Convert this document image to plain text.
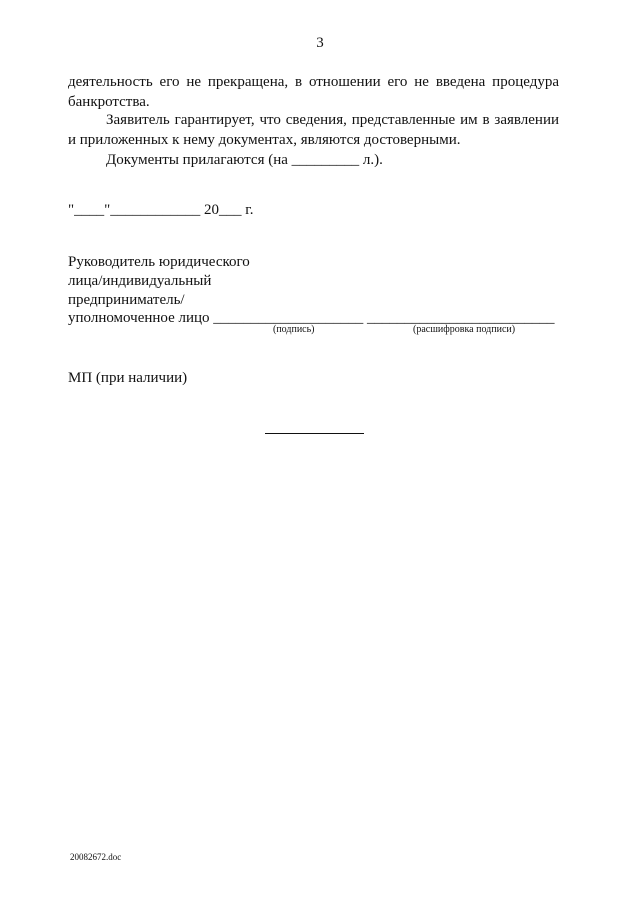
3

деятельность его не прекращена, в отношении его не введена процедура

банкротства.

Заявитель гарантирует, что сведения, представленные им в заявлении

и приложенных к нему документах, являются достоверными.

Документы прилагаются (на _________ л.).

"____"____________ 20___ г.
Руководитель юридического
лица/индивидуальный
предприниматель/
уполномоченное лицо ____________________ _________________________
(подпись)	(расшифровка подписи)
МП (при наличии)
20082672.doc
